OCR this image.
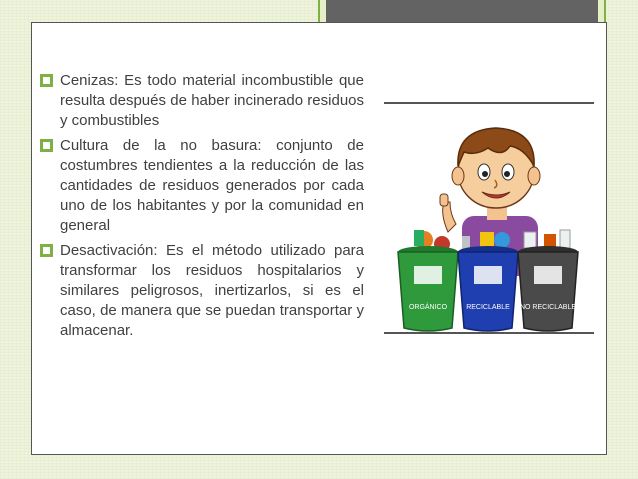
Cenizas: Es todo material incombustible que resulta después de haber incinerado residuos y combustibles
Cultura de la no basura: conjunto de costumbres tendientes a la reducción de las cantidades de residuos generados por cada uno de los habitantes y por la comunidad en general
Desactivación: Es el método utilizado para transformar los residuos hospitalarios y similares peligrosos, inertizarlos, si es el caso, de manera que se puedan transportar y almacenar.
ORGÁNICO	RECICLABLE NO RECICLABLE
